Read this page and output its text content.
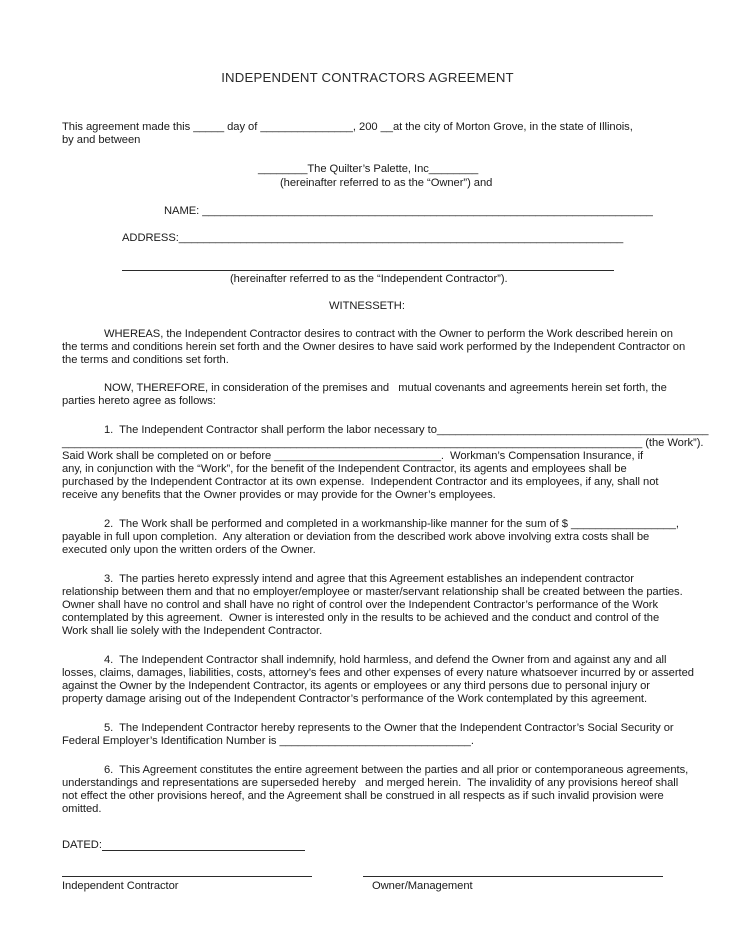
INDEPENDENT CONTRACTORS AGREEMENT
This agreement made this _____ day of _______________, 200 __at the city of Morton Grove, in the state of Illinois,
by and between
________The Quilter’s Palette, Inc________
(hereinafter referred to as the “Owner”) and
NAME: _________________________________________________________________________
ADDRESS:________________________________________________________________________
(hereinafter referred to as the “Independent Contractor”).
WITNESSETH:
WHEREAS, the Independent Contractor desires to contract with the Owner to perform the Work described herein on
the terms and conditions herein set forth and the Owner desires to have said work performed by the Independent Contractor on
the terms and conditions set forth.
NOW, THEREFORE, in consideration of the premises and   mutual covenants and agreements herein set forth, the
parties hereto agree as follows:
1.  The Independent Contractor shall perform the labor necessary to____________________________________________
______________________________________________________________________________________________ (the Work”).
Said Work shall be completed on or before ___________________________.  Workman’s Compensation Insurance, if
any, in conjunction with the “Work”, for the benefit of the Independent Contractor, its agents and employees shall be
purchased by the Independent Contractor at its own expense.  Independent Contractor and its employees, if any, shall not
receive any benefits that the Owner provides or may provide for the Owner’s employees.
2.  The Work shall be performed and completed in a workmanship-like manner for the sum of $ _________________,
payable in full upon completion.  Any alteration or deviation from the described work above involving extra costs shall be
executed only upon the written orders of the Owner.
3.  The parties hereto expressly intend and agree that this Agreement establishes an independent contractor
relationship between them and that no employer/employee or master/servant relationship shall be created between the parties.
Owner shall have no control and shall have no right of control over the Independent Contractor’s performance of the Work
contemplated by this agreement.  Owner is interested only in the results to be achieved and the conduct and control of the
Work shall lie solely with the Independent Contractor.
4.  The Independent Contractor shall indemnify, hold harmless, and defend the Owner from and against any and all
losses, claims, damages, liabilities, costs, attorney’s fees and other expenses of every nature whatsoever incurred by or asserted
against the Owner by the Independent Contractor, its agents or employees or any third persons due to personal injury or
property damage arising out of the Independent Contractor’s performance of the Work contemplated by this agreement.
5.  The Independent Contractor hereby represents to the Owner that the Independent Contractor’s Social Security or
Federal Employer’s Identification Number is _______________________________.
6.  This Agreement constitutes the entire agreement between the parties and all prior or contemporaneous agreements,
understandings and representations are superseded hereby   and merged herein.  The invalidity of any provisions hereof shall
not effect the other provisions hereof, and the Agreement shall be construed in all respects as if such invalid provision were
omitted.
DATED:
Independent Contractor	Owner/Management
